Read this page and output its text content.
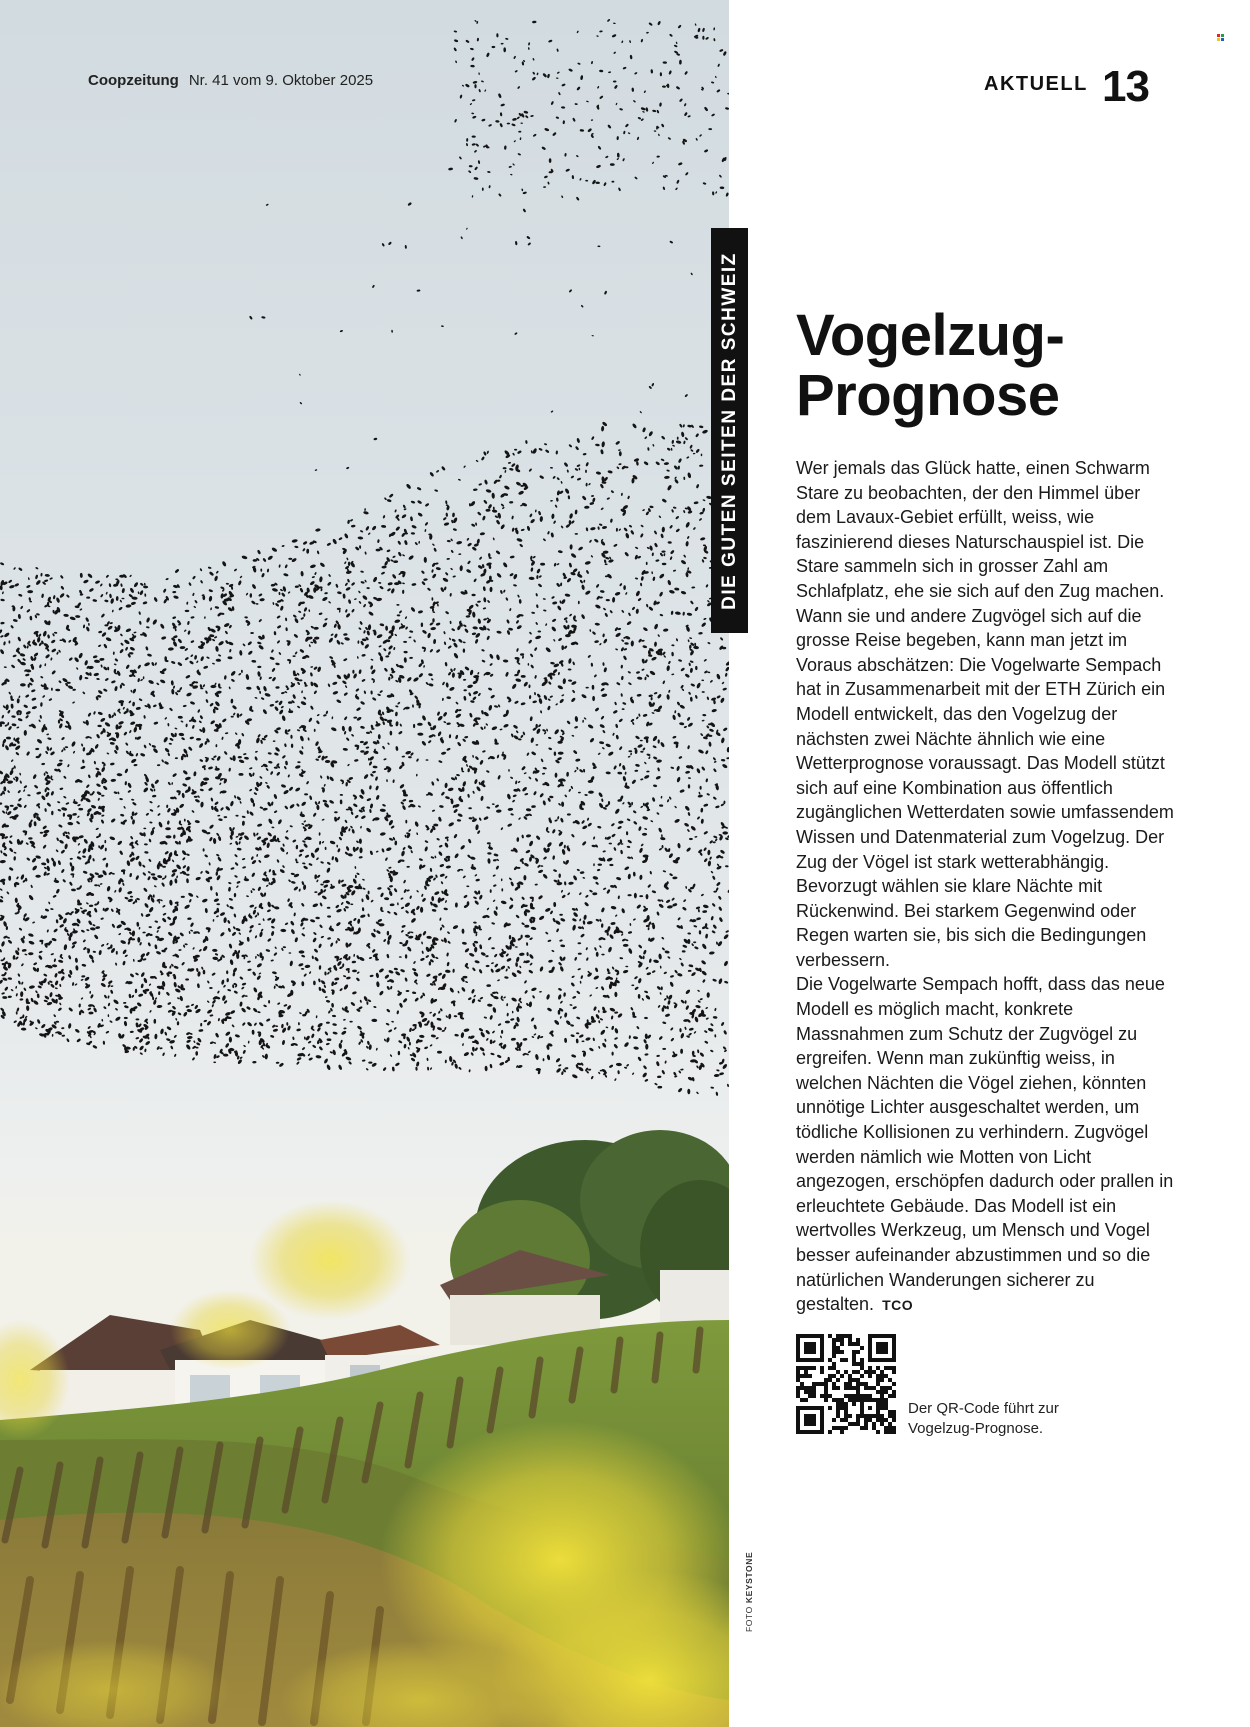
Coopzeitung Nr. 41 vom 9. Oktober 2025
DIE GUTEN SEITEN DER SCHWEIZ
FOTO KEYSTONE
AKTUELL 13
Vogelzug-
Prognose

Wer jemals das Glück hatte, einen Schwarm Stare zu beobachten, der den Himmel über dem Lavaux-Gebiet erfüllt, weiss, wie faszinierend dieses Naturschauspiel ist. Die Stare sammeln sich in grosser Zahl am Schlafplatz, ehe sie sich auf den Zug machen.

Wann sie und andere Zugvögel sich auf die grosse Reise begeben, kann man jetzt im Voraus abschätzen: Die Vogelwarte Sempach hat in Zusammenarbeit mit der ETH Zürich ein Modell entwickelt, das den Vogelzug der nächsten zwei Nächte ähnlich wie eine Wetterprognose voraussagt. Das Modell stützt sich auf eine Kombination aus öffentlich zugänglichen Wetterdaten sowie umfassendem Wissen und Datenmaterial zum Vogelzug. Der Zug der Vögel ist stark wetterabhängig. Bevorzugt wählen sie klare Nächte mit Rückenwind. Bei starkem Gegenwind oder Regen warten sie, bis sich die Bedingungen verbessern.

Die Vogelwarte Sempach hofft, dass das neue Modell es möglich macht, konkrete Massnahmen zum Schutz der Zugvögel zu ergreifen. Wenn man zukünftig weiss, in welchen Nächten die Vögel ziehen, könnten unnötige Lichter ausgeschaltet werden, um tödliche Kollisionen zu verhindern. Zugvögel werden nämlich wie Motten von Licht angezogen, erschöpfen dadurch oder prallen in erleuchtete Gebäude. Das Modell ist ein wertvolles Werkzeug, um Mensch und Vogel besser aufeinander abzustimmen und so die natürlichen Wanderungen sicherer zu gestalten. TCO

Der QR-Code führt zur Vogelzug-Prognose.
